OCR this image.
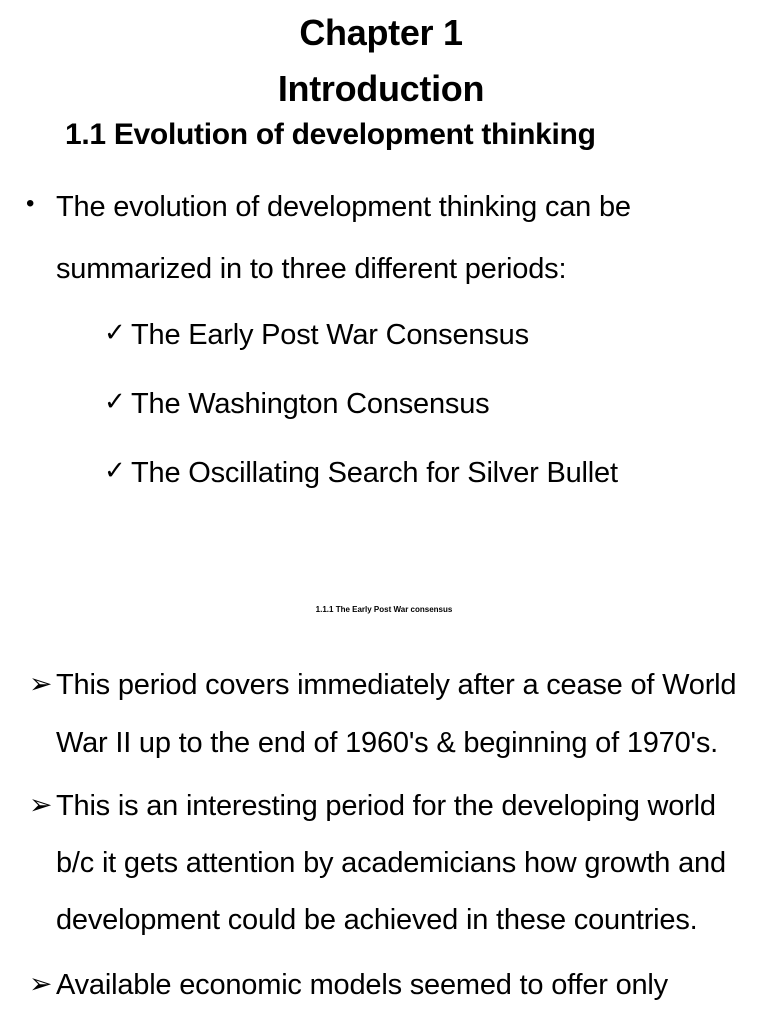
Chapter 1
Introduction
1.1 Evolution of development thinking
• The evolution of development thinking can be
summarized in to three different periods:
✓ The Early Post War Consensus
✓ The Washington Consensus
✓ The Oscillating Search for Silver Bullet
1.1.1 The Early Post War consensus
➢ This period covers immediately after a cease of World
War II up to the end of 1960's & beginning of 1970's.
➢ This is an interesting period for the developing world
b/c it gets attention by academicians how growth and
development could be achieved in these countries.
➢ Available economic models seemed to offer only
